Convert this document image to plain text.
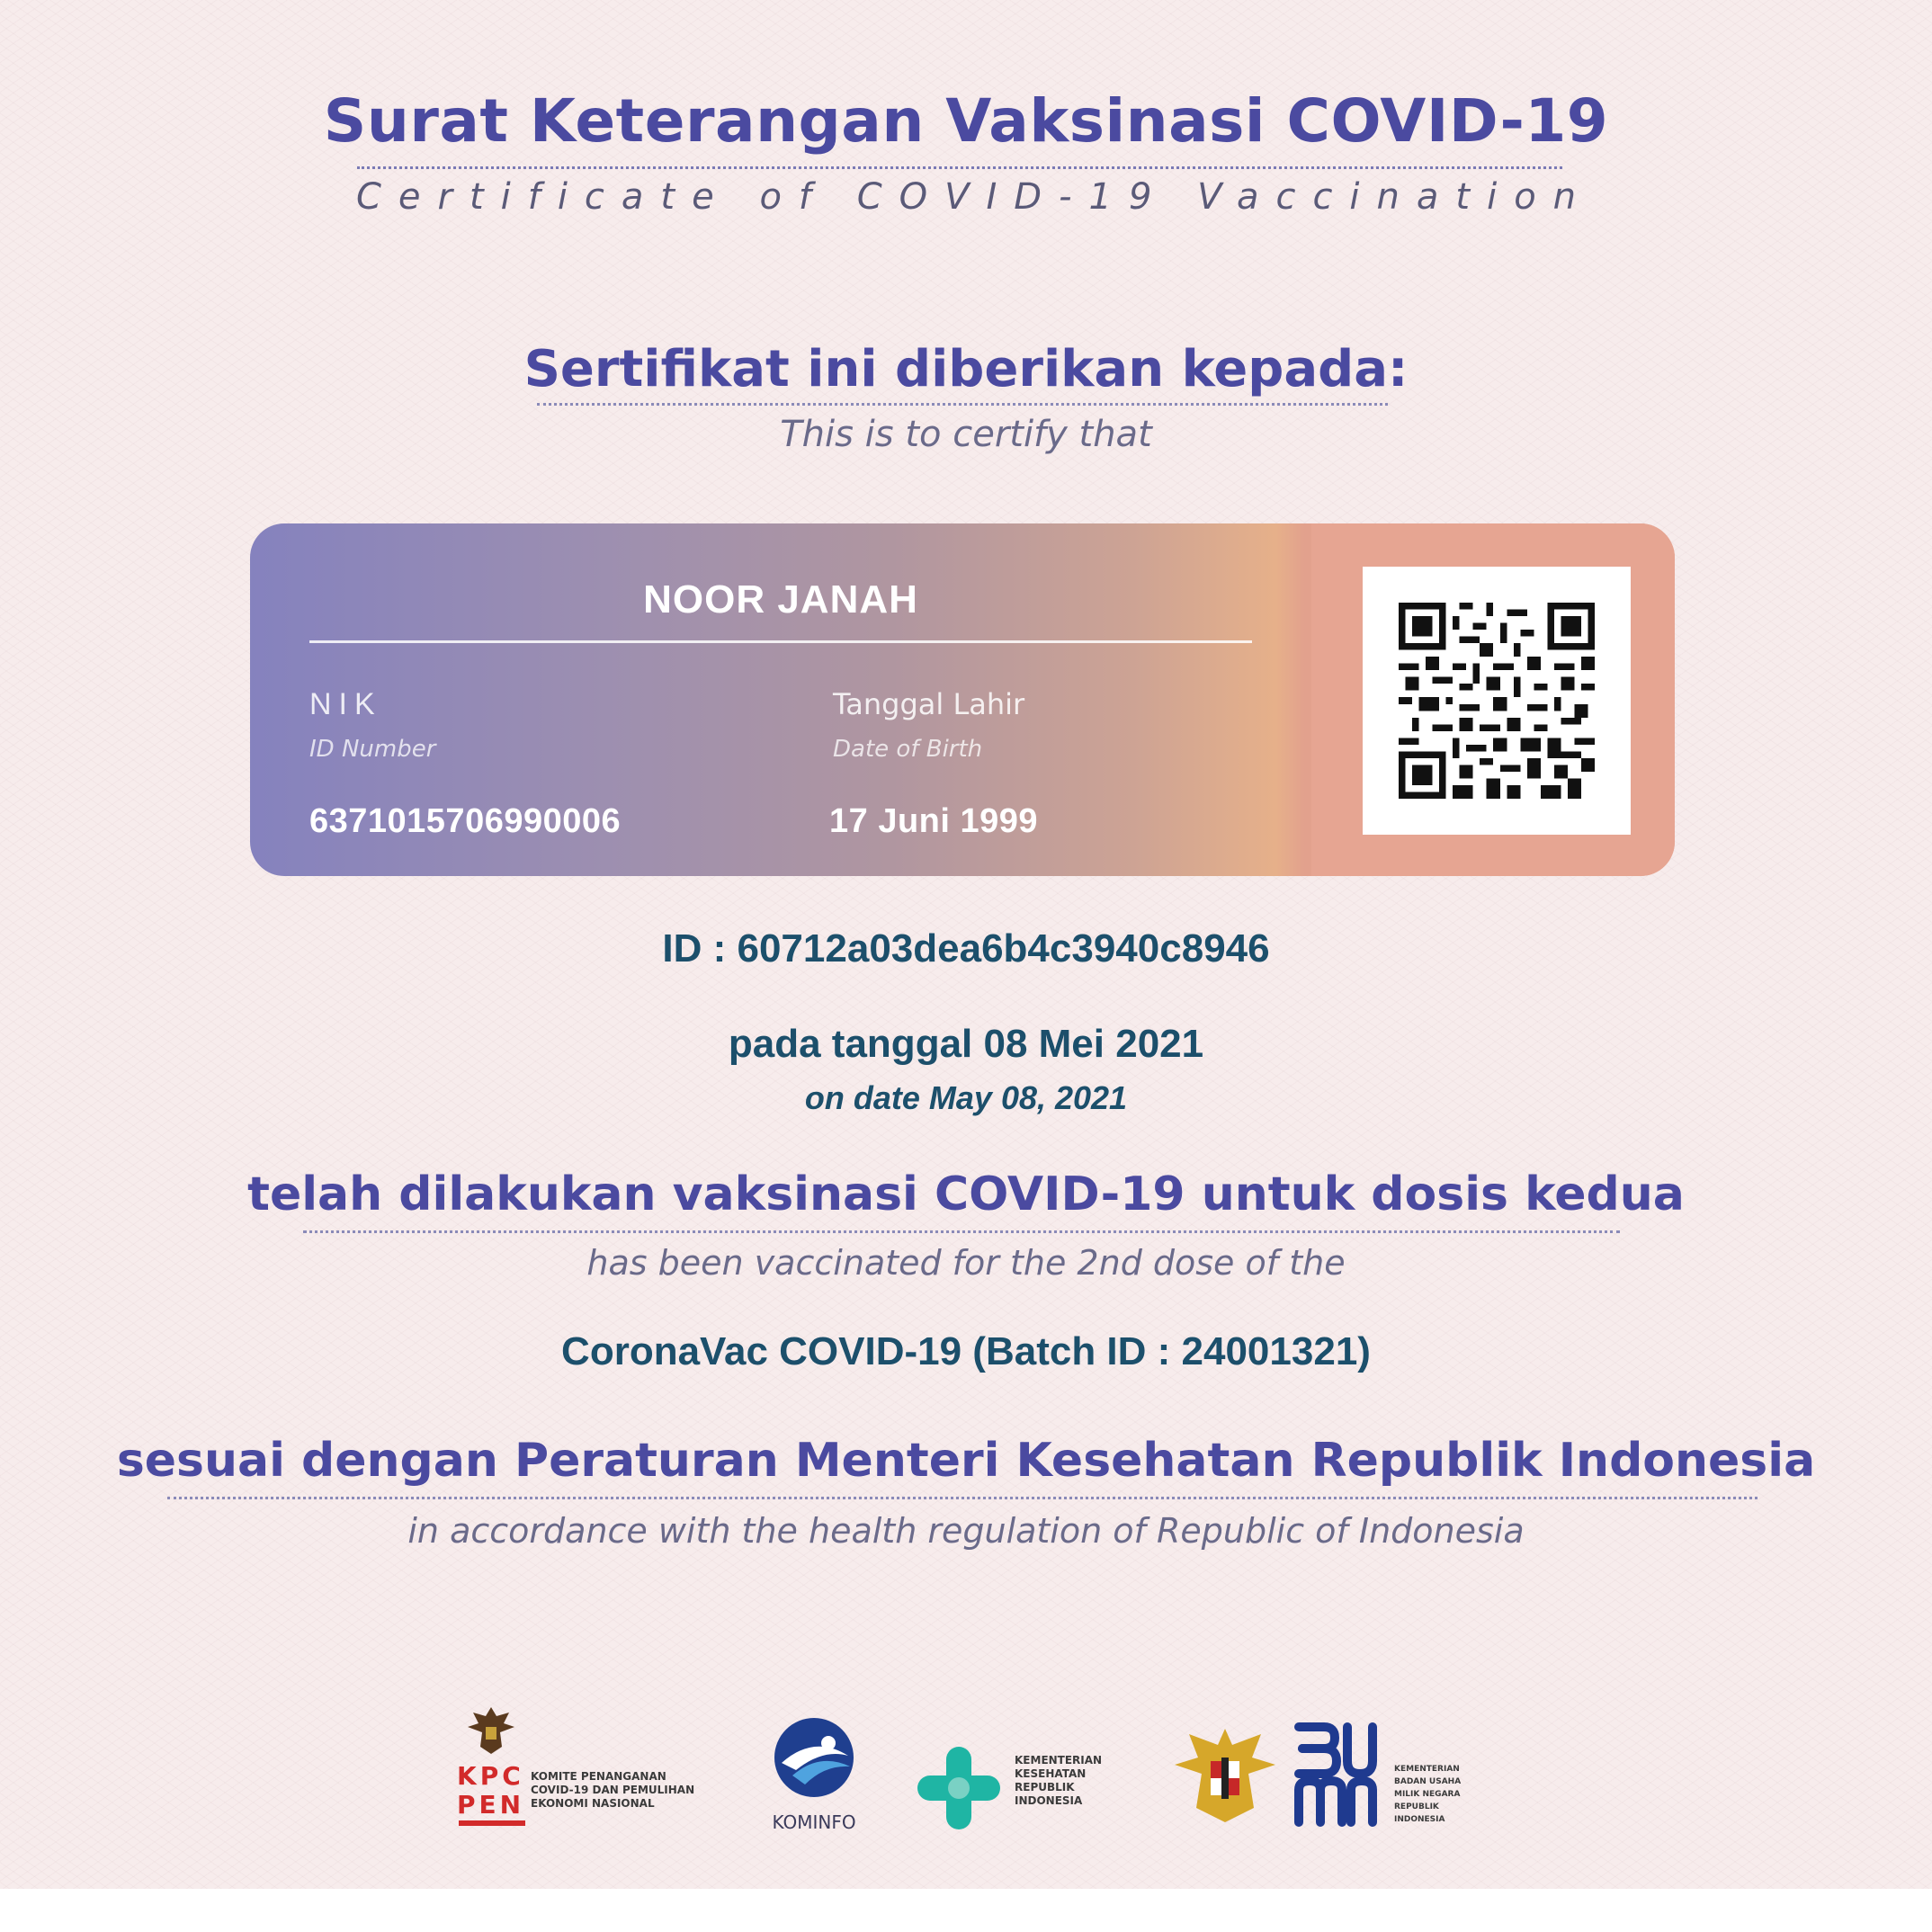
Surat Keterangan Vaksinasi COVID-19
Certificate of COVID-19 Vaccination
Sertifikat ini diberikan kepada:
This is to certify that
NOOR JANAH
NIK
ID Number
6371015706990006
Tanggal Lahir
Date of Birth
17 Juni 1999
ID : 60712a03dea6b4c3940c8946
pada tanggal 08 Mei 2021
on date May 08, 2021
telah dilakukan vaksinasi COVID-19 untuk dosis kedua
has been vaccinated for the 2nd dose of the
CoronaVac COVID-19 (Batch ID : 24001321)
sesuai dengan Peraturan Menteri Kesehatan Republik Indonesia
in accordance with the health regulation of Republic of Indonesia
KPC
PEN
KOMITE PENANGANAN
COVID-19 DAN PEMULIHAN
EKONOMI NASIONAL
KOMINFO
KEMENTERIAN
KESEHATAN
REPUBLIK
INDONESIA
KEMENTERIAN
BADAN USAHA
MILIK NEGARA
REPUBLIK
INDONESIA
